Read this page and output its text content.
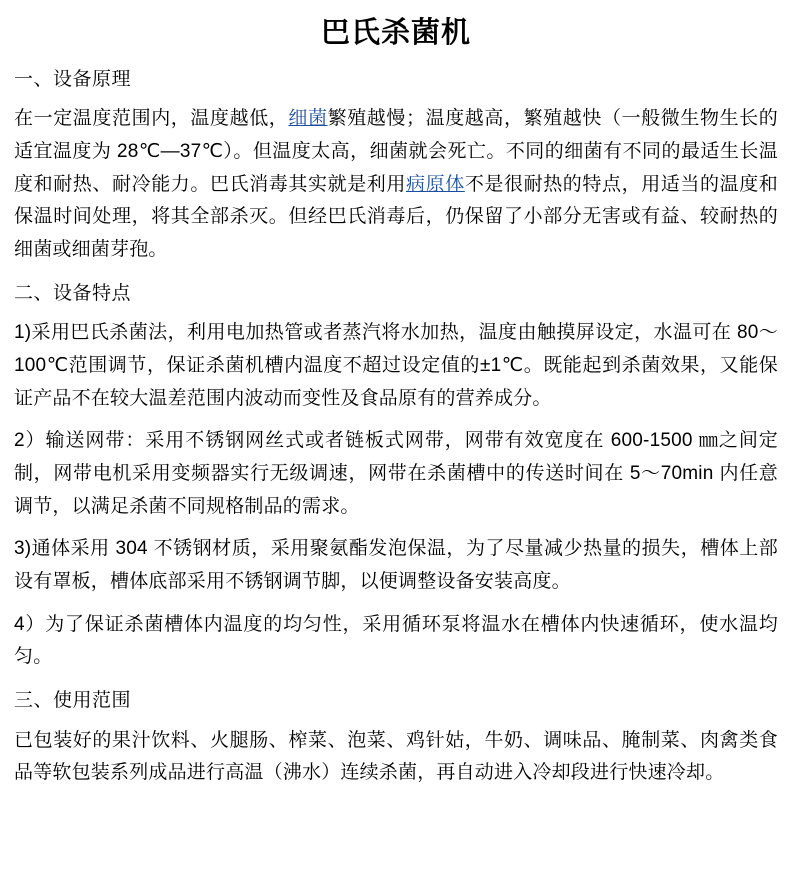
巴氏杀菌机
一、设备原理

在一定温度范围内，温度越低，细菌繁殖越慢；温度越高，繁殖越快（一般微生物生长的适宜温度为 28℃—37℃）。但温度太高，细菌就会死亡。不同的细菌有不同的最适生长温度和耐热、耐冷能力。巴氏消毒其实就是利用病原体不是很耐热的特点，用适当的温度和保温时间处理，将其全部杀灭。但经巴氏消毒后，仍保留了小部分无害或有益、较耐热的细菌或细菌芽孢。

二、设备特点

1)采用巴氏杀菌法，利用电加热管或者蒸汽将水加热，温度由触摸屏设定，水温可在 80～100℃范围调节，保证杀菌机槽内温度不超过设定值的±1℃。既能起到杀菌效果，又能保证产品不在较大温差范围内波动而变性及食品原有的营养成分。

2）输送网带：采用不锈钢网丝式或者链板式网带，网带有效宽度在 600-1500 ㎜之间定制，网带电机采用变频器实行无级调速，网带在杀菌槽中的传送时间在 5～70min 内任意调节，以满足杀菌不同规格制品的需求。

3)通体采用 304 不锈钢材质，采用聚氨酯发泡保温，为了尽量减少热量的损失，槽体上部设有罩板，槽体底部采用不锈钢调节脚，以便调整设备安装高度。

4）为了保证杀菌槽体内温度的均匀性，采用循环泵将温水在槽体内快速循环，使水温均匀。

三、使用范围

已包装好的果汁饮料、火腿肠、榨菜、泡菜、鸡针姑，牛奶、调味品、腌制菜、肉禽类食品等软包装系列成品进行高温（沸水）连续杀菌，再自动进入冷却段进行快速冷却。
